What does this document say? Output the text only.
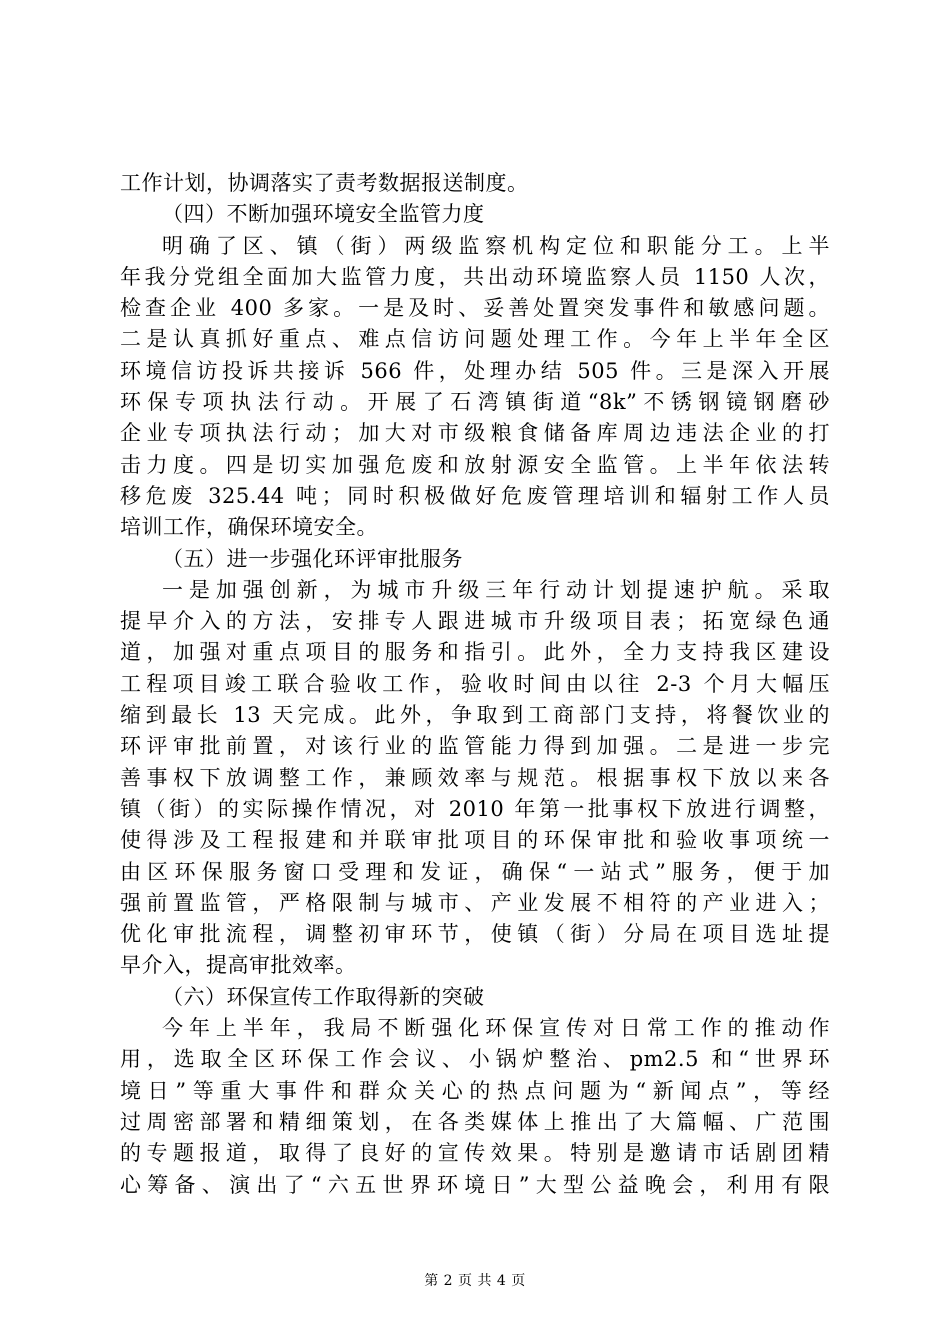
工作计划，协调落实了责考数据报送制度。
（四）不断加强环境安全监管力度
明确了区、镇（街）两级监察机构定位和职能分工。上半
年我分党组全面加大监管力度，共出动环境监察人员 1150 人次，
检查企业 400 多家。一是及时、妥善处置突发事件和敏感问题。
二是认真抓好重点、难点信访问题处理工作。今年上半年全区
环境信访投诉共接诉 566 件，处理办结 505 件。三是深入开展
环保专项执法行动。开展了石湾镇街道“8k”不锈钢镜钢磨砂
企业专项执法行动；加大对市级粮食储备库周边违法企业的打
击力度。四是切实加强危废和放射源安全监管。上半年依法转
移危废 325.44 吨；同时积极做好危废管理培训和辐射工作人员
培训工作，确保环境安全。
（五）进一步强化环评审批服务
一是加强创新，为城市升级三年行动计划提速护航。采取
提早介入的方法，安排专人跟进城市升级项目表；拓宽绿色通
道，加强对重点项目的服务和指引。此外，全力支持我区建设
工程项目竣工联合验收工作，验收时间由以往 2-3 个月大幅压
缩到最长 13 天完成。此外，争取到工商部门支持，将餐饮业的
环评审批前置，对该行业的监管能力得到加强。二是进一步完
善事权下放调整工作，兼顾效率与规范。根据事权下放以来各
镇（街）的实际操作情况，对 2010 年第一批事权下放进行调整，
使得涉及工程报建和并联审批项目的环保审批和验收事项统一
由区环保服务窗口受理和发证，确保“一站式”服务，便于加
强前置监管，严格限制与城市、产业发展不相符的产业进入；
优化审批流程，调整初审环节，使镇（街）分局在项目选址提
早介入，提高审批效率。
（六）环保宣传工作取得新的突破
今年上半年，我局不断强化环保宣传对日常工作的推动作
用，选取全区环保工作会议、小锅炉整治、pm2.5 和“世界环
境日”等重大事件和群众关心的热点问题为“新闻点”，等经
过周密部署和精细策划，在各类媒体上推出了大篇幅、广范围
的专题报道，取得了良好的宣传效果。特别是邀请市话剧团精
心筹备、演出了“六五世界环境日”大型公益晚会，利用有限
第 2 页 共 4 页
